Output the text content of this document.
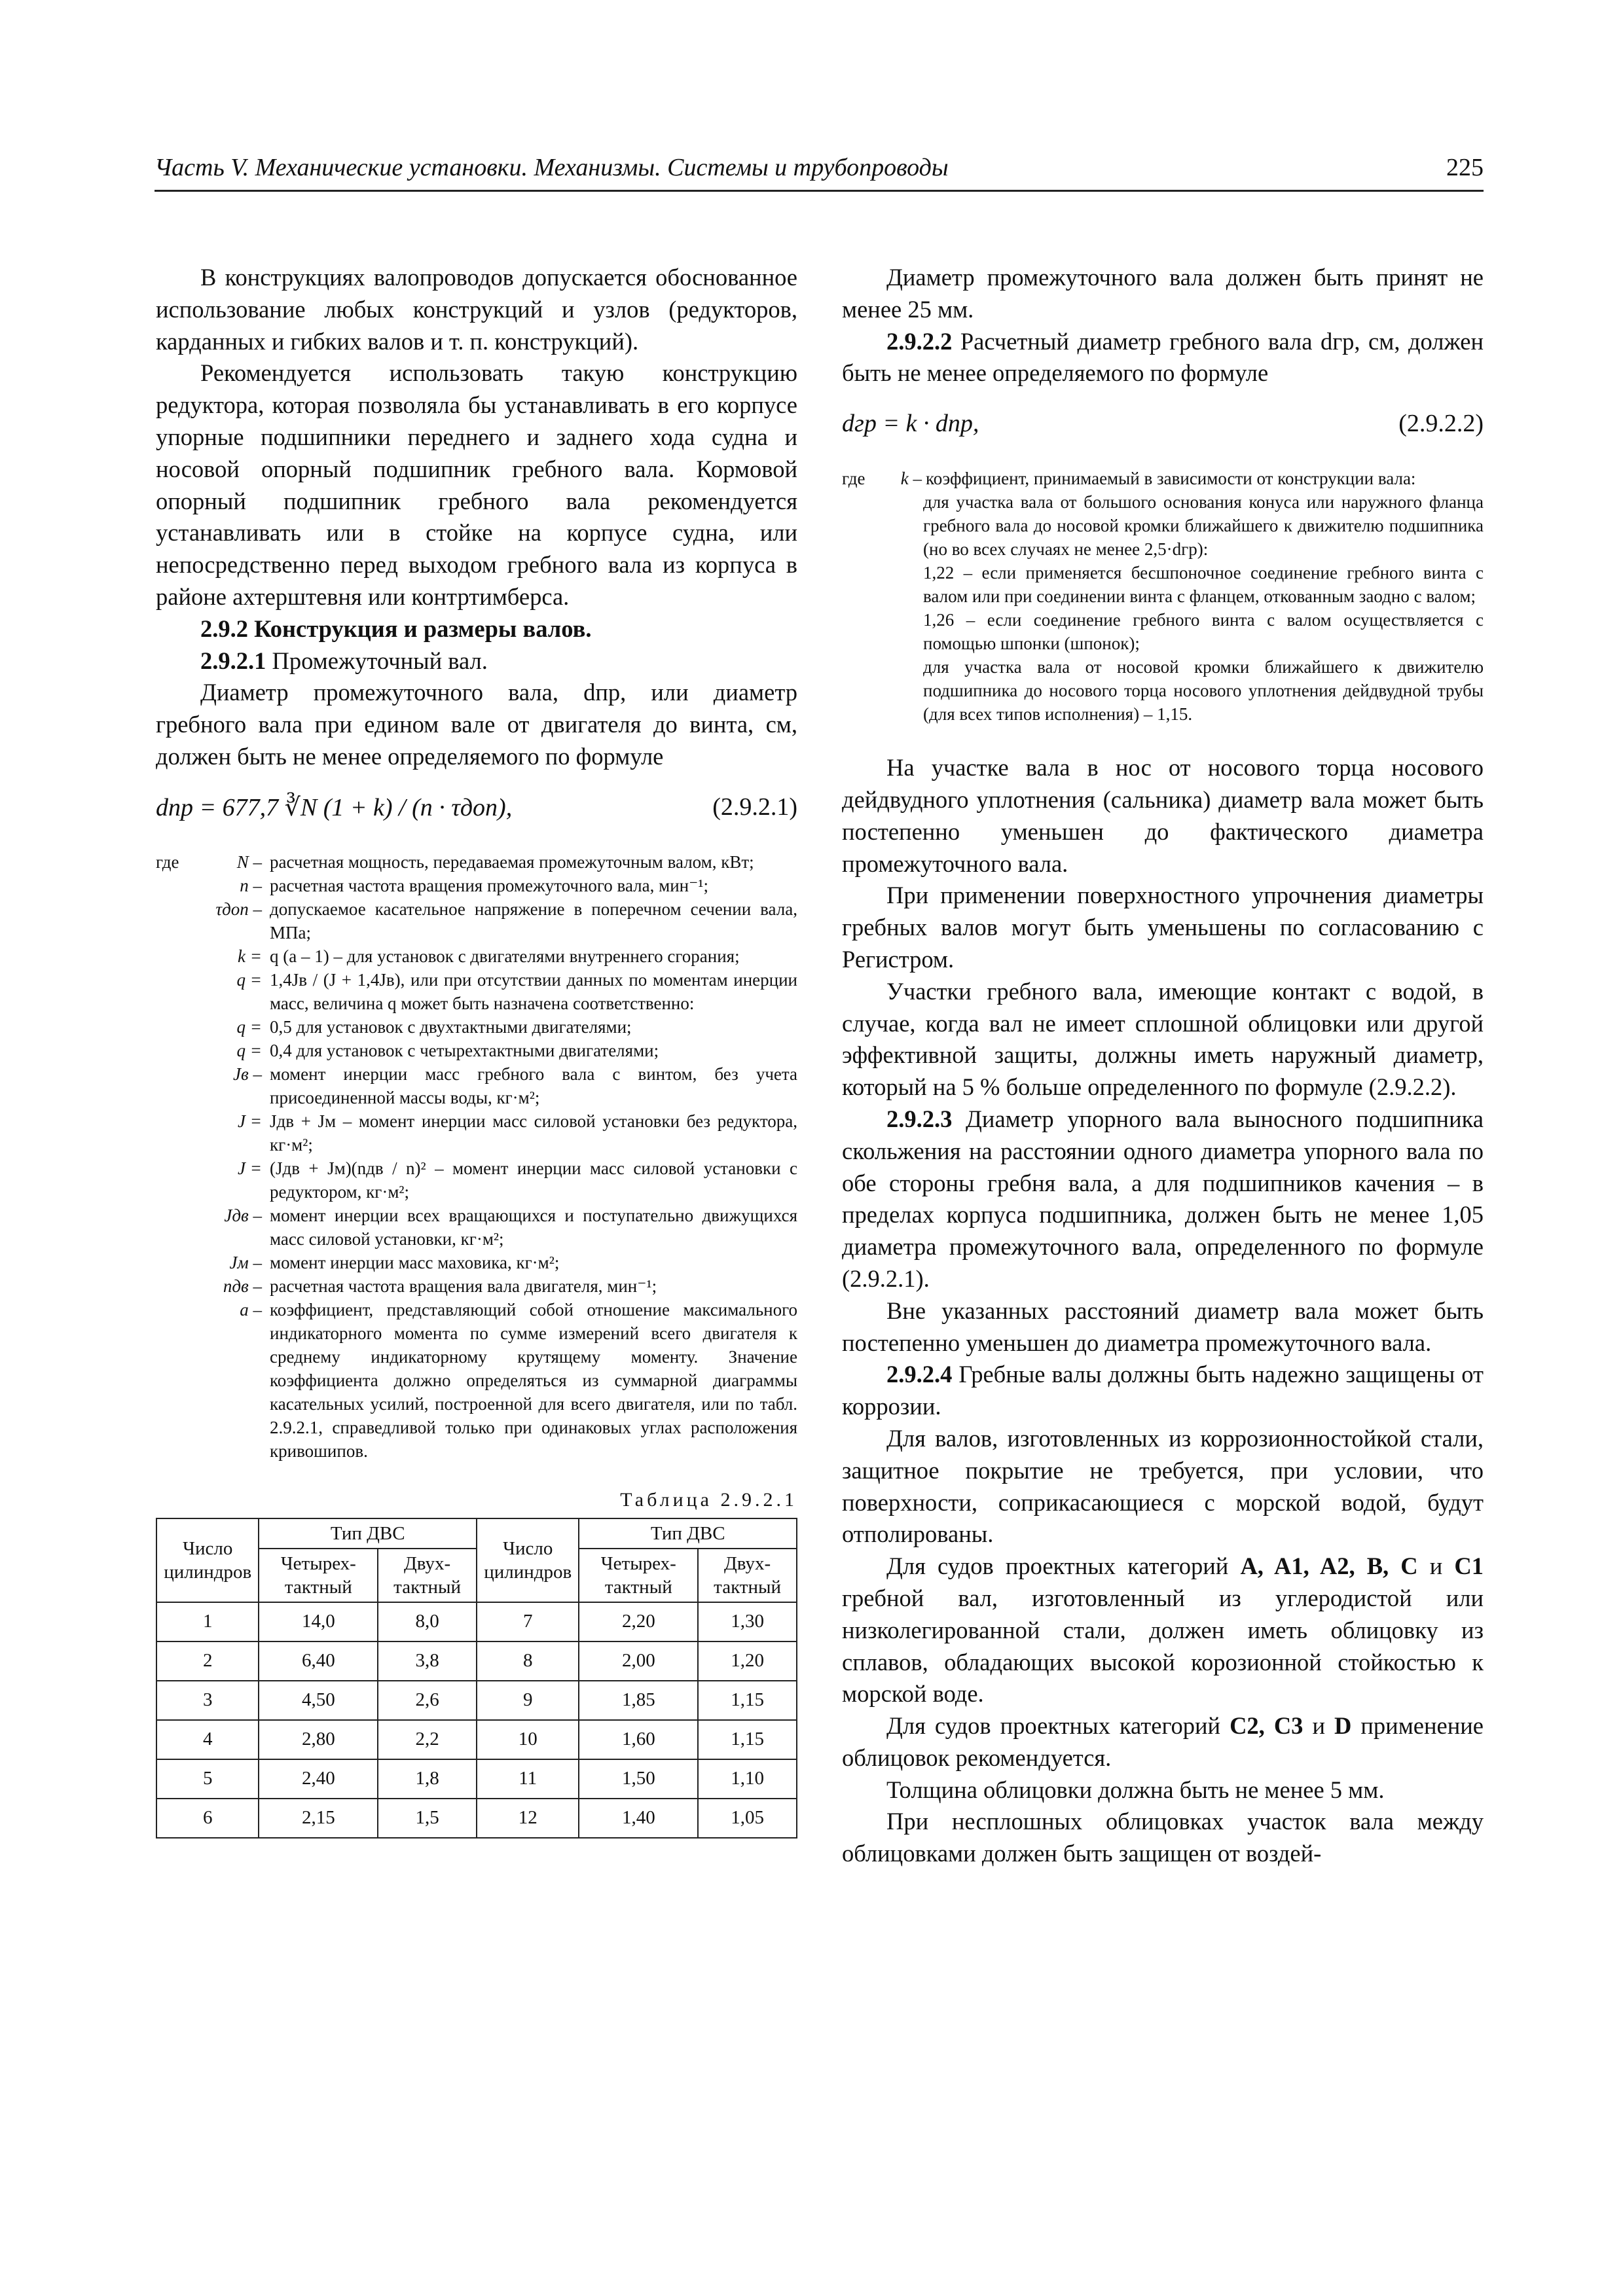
Часть V. Механические установки. Механизмы. Системы и трубопроводы	225

В конструкциях валопроводов допускается обоснованное использование любых конструкций и узлов (редукторов, карданных и гибких валов и т. п. конструкций).

Рекомендуется использовать такую конструкцию редуктора, которая позволяла бы устанавливать в его корпусе упорные подшипники переднего и заднего хода судна и носовой опорный подшипник гребного вала. Кормовой опорный подшипник гребного вала рекомендуется устанавливать или в стойке на корпусе судна, или непосредственно перед выходом гребного вала из корпуса в районе ахтерштевня или контртимберса.

2.9.2 Конструкция и размеры валов.

2.9.2.1 Промежуточный вал.

Диаметр промежуточного вала, dпр, или диаметр гребного вала при едином вале от двигателя до винта, см, должен быть не менее определяемого по формуле

dпр = 677,7 ∛N (1 + k) / (n · τдоп),	(2.9.2.1)
где	N – расчетная мощность, передаваемая промежуточным валом, кВт;
n – расчетная частота вращения промежуточного вала, мин⁻¹;
τдоп – допускаемое касательное напряжение в поперечном сечении вала, МПа;
k = q (a – 1) – для установок с двигателями внутреннего сгорания;
q = 1,4Jв / (J + 1,4Jв), или при отсутствии данных по моментам инерции масс, величина q может быть назначена соответственно:
q = 0,5 для установок с двухтактными двигателями;
q = 0,4 для установок с четырехтактными двигателями;
Jв – момент инерции масс гребного вала с винтом, без учета присоединенной массы воды, кг·м²;
J = Jдв + Jм – момент инерции масс силовой установки без редуктора, кг·м²;
J = (Jдв + Jм)(nдв / n)² – момент инерции масс силовой установки с редуктором, кг·м²;
Jдв – момент инерции всех вращающихся и поступательно движущихся масс силовой установки, кг·м²;
Jм – момент инерции масс маховика, кг·м²;
nдв – расчетная частота вращения вала двигателя, мин⁻¹;
a – коэффициент, представляющий собой отношение максимального индикаторного момента по сумме измерений всего двигателя к среднему индикаторному крутящему моменту. Значение коэффициента должно определяться из суммарной диаграммы касательных усилий, построенной для всего двигателя, или по табл. 2.9.2.1, справедливой только при одинаковых углах расположения кривошипов.
Таблица 2.9.2.1
Число цилиндров	Тип ДВС		Число цилиндров	Тип ДВС	
	Четырех-тактный	Двух-тактный		Четырех-тактный	Двух-тактный
1	14,0	8,0	7	2,20	1,30
2	6,40	3,8	8	2,00	1,20
3	4,50	2,6	9	1,85	1,15
4	2,80	2,2	10	1,60	1,15
5	2,40	1,8	11	1,50	1,10
6	2,15	1,5	12	1,40	1,05

Диаметр промежуточного вала должен быть принят не менее 25 мм.

2.9.2.2 Расчетный диаметр гребного вала dгр, см, должен быть не менее определяемого по формуле

dгр = k · dпр,	(2.9.2.2)
где	k – коэффициент, принимаемый в зависимости от конструкции вала:
для участка вала от большого основания конуса или наружного фланца гребного вала до носовой кромки ближайшего к движителю подшипника (но во всех случаях не менее 2,5·dгр):
1,22 – если применяется бесшпоночное соединение гребного винта с валом или при соединении винта с фланцем, откованным заодно с валом;
1,26 – если соединение гребного винта с валом осуществляется с помощью шпонки (шпонок);
для участка вала от носовой кромки ближайшего к движителю подшипника до носового торца носового уплотнения дейдвудной трубы (для всех типов исполнения) – 1,15.

На участке вала в нос от носового торца носового дейдвудного уплотнения (сальника) диаметр вала может быть постепенно уменьшен до фактического диаметра промежуточного вала.

При применении поверхностного упрочнения диаметры гребных валов могут быть уменьшены по согласованию с Регистром.

Участки гребного вала, имеющие контакт с водой, в случае, когда вал не имеет сплошной облицовки или другой эффективной защиты, должны иметь наружный диаметр, который на 5 % больше определенного по формуле (2.9.2.2).

2.9.2.3 Диаметр упорного вала выносного подшипника скольжения на расстоянии одного диаметра упорного вала по обе стороны гребня вала, а для подшипников качения – в пределах корпуса подшипника, должен быть не менее 1,05 диаметра промежуточного вала, определенного по формуле (2.9.2.1).

Вне указанных расстояний диаметр вала может быть постепенно уменьшен до диаметра промежуточного вала.

2.9.2.4 Гребные валы должны быть надежно защищены от коррозии.

Для валов, изготовленных из коррозионностойкой стали, защитное покрытие не требуется, при условии, что поверхности, соприкасающиеся с морской водой, будут отполированы.

Для судов проектных категорий A, A1, A2, B, C и C1 гребной вал, изготовленный из углеродистой или низколегированной стали, должен иметь облицовку из сплавов, обладающих высокой корозионной стойкостью к морской воде.

Для судов проектных категорий C2, C3 и D применение облицовок рекомендуется.

Толщина облицовки должна быть не менее 5 мм.

При несплошных облицовках участок вала между облицовками должен быть защищен от воздей-
